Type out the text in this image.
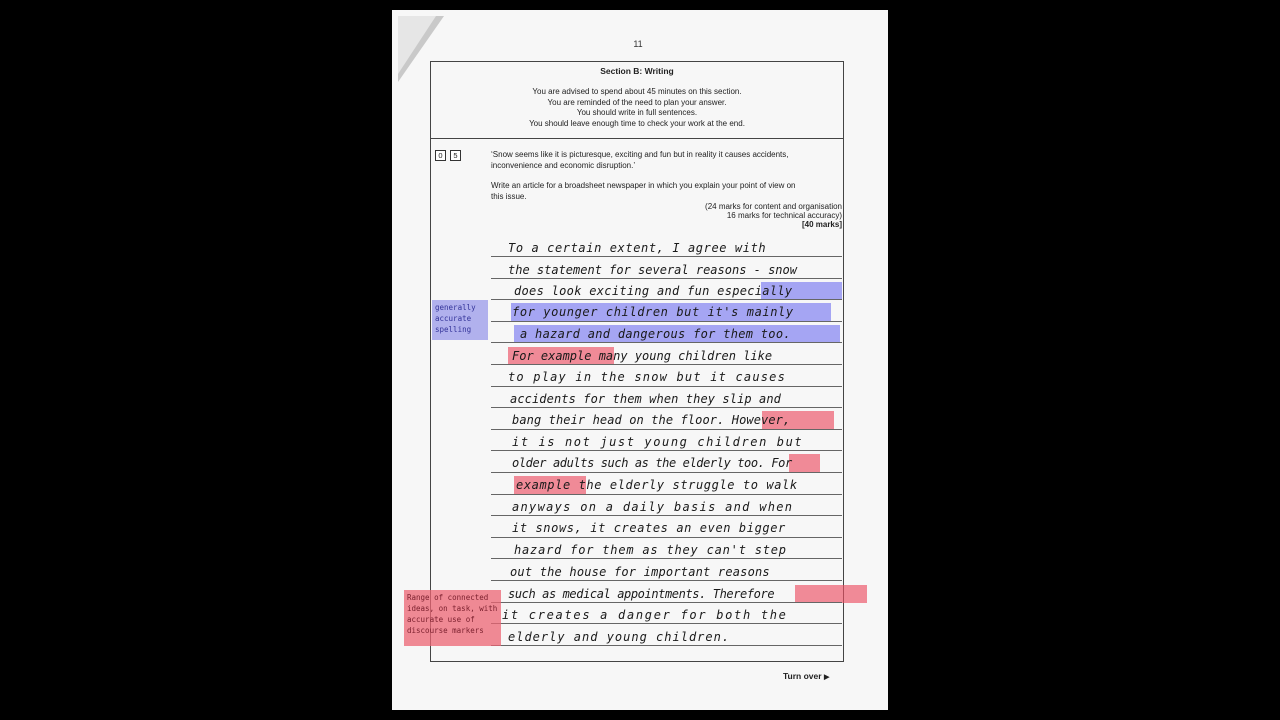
11
Section B: Writing
You are advised to spend about 45 minutes on this section.
You are reminded of the need to plan your answer.
You should write in full sentences.
You should leave enough time to check your work at the end.
0	5	‘Snow seems like it is picturesque, exciting and fun but in reality it causes accidents,
inconvenience and economic disruption.’
Write an article for a broadsheet newspaper in which you explain your point of view on
this issue.
(24 marks for content and organisation
16 marks for technical accuracy)
[40 marks]
To a certain extent, I agree with
the statement for several reasons - snow
does look exciting and fun especially
for younger children but it's mainly
a hazard and dangerous for them too.
For example many young children like
to play in the snow but it causes
accidents for them when they slip and
bang their head on the floor. However,
it is not just young children but
older adults such as the elderly too. For
example the elderly struggle to walk
anyways on a daily basis and when
it snows, it creates an even bigger
hazard for them as they can't step
out the house for important reasons
such as medical appointments. Therefore
it creates a danger for both the
elderly and young children.
generally accurate spelling
Range of connected ideas, on task, with accurate use of discourse markers
Turn over ▶
